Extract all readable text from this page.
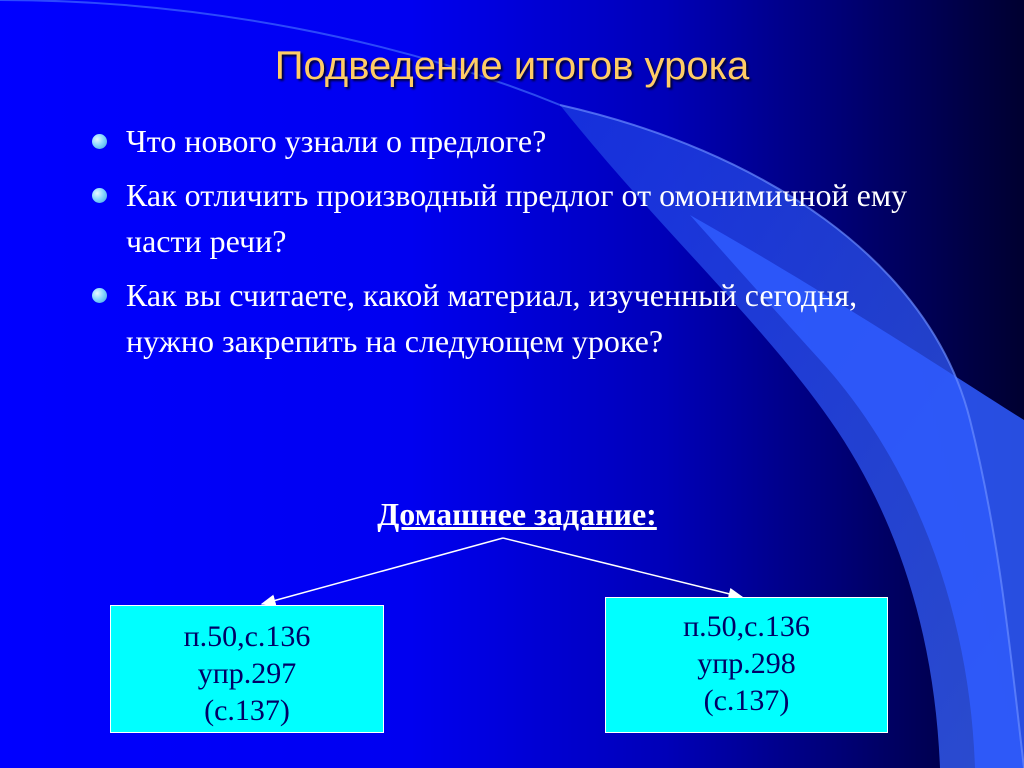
Подведение итогов урока
Что нового узнали о предлоге?
Как отличить производный предлог от омонимичной ему части речи?
Как вы считаете, какой материал, изученный сегодня, нужно закрепить на следующем уроке?
Домашнее задание:
п.50,с.136
упр.297
(с.137)
п.50,с.136
упр.298
(с.137)
